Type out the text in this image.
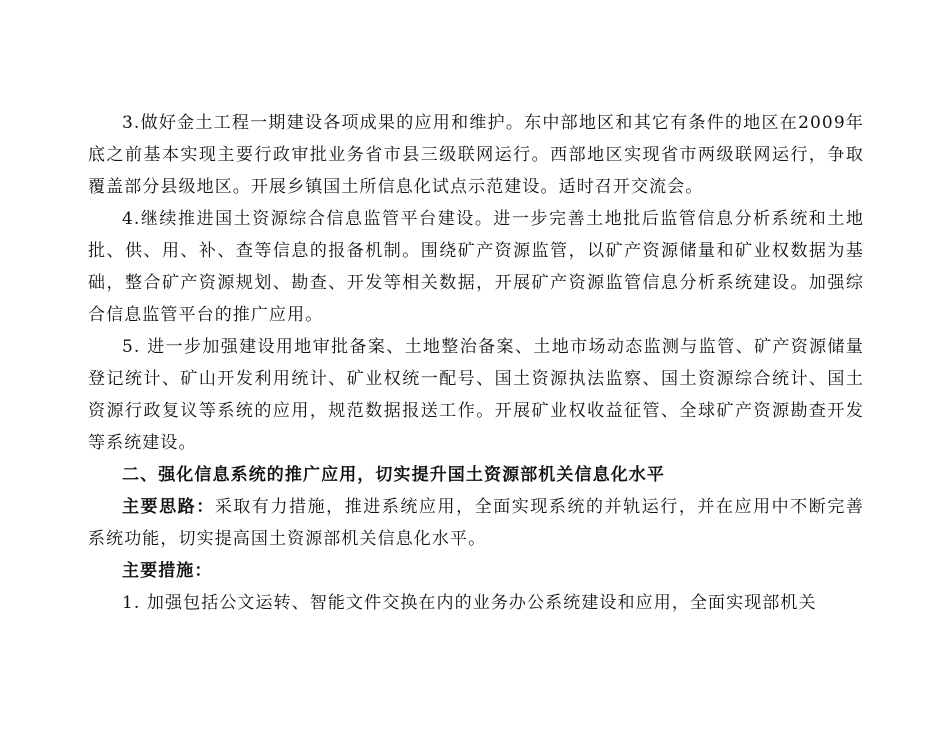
3.做好金土工程一期建设各项成果的应用和维护。东中部地区和其它有条件的地区在2009年底之前基本实现主要行政审批业务省市县三级联网运行。西部地区实现省市两级联网运行，争取覆盖部分县级地区。开展乡镇国土所信息化试点示范建设。适时召开交流会。

4.继续推进国土资源综合信息监管平台建设。进一步完善土地批后监管信息分析系统和土地批、供、用、补、查等信息的报备机制。围绕矿产资源监管，以矿产资源储量和矿业权数据为基础，整合矿产资源规划、勘查、开发等相关数据，开展矿产资源监管信息分析系统建设。加强综合信息监管平台的推广应用。

5. 进一步加强建设用地审批备案、土地整治备案、土地市场动态监测与监管、矿产资源储量登记统计、矿山开发利用统计、矿业权统一配号、国土资源执法监察、国土资源综合统计、国土资源行政复议等系统的应用，规范数据报送工作。开展矿业权收益征管、全球矿产资源勘查开发等系统建设。

二、强化信息系统的推广应用，切实提升国土资源部机关信息化水平

主要思路：采取有力措施，推进系统应用，全面实现系统的并轨运行，并在应用中不断完善系统功能，切实提高国土资源部机关信息化水平。

主要措施：

1. 加强包括公文运转、智能文件交换在内的业务办公系统建设和应用，全面实现部机关
